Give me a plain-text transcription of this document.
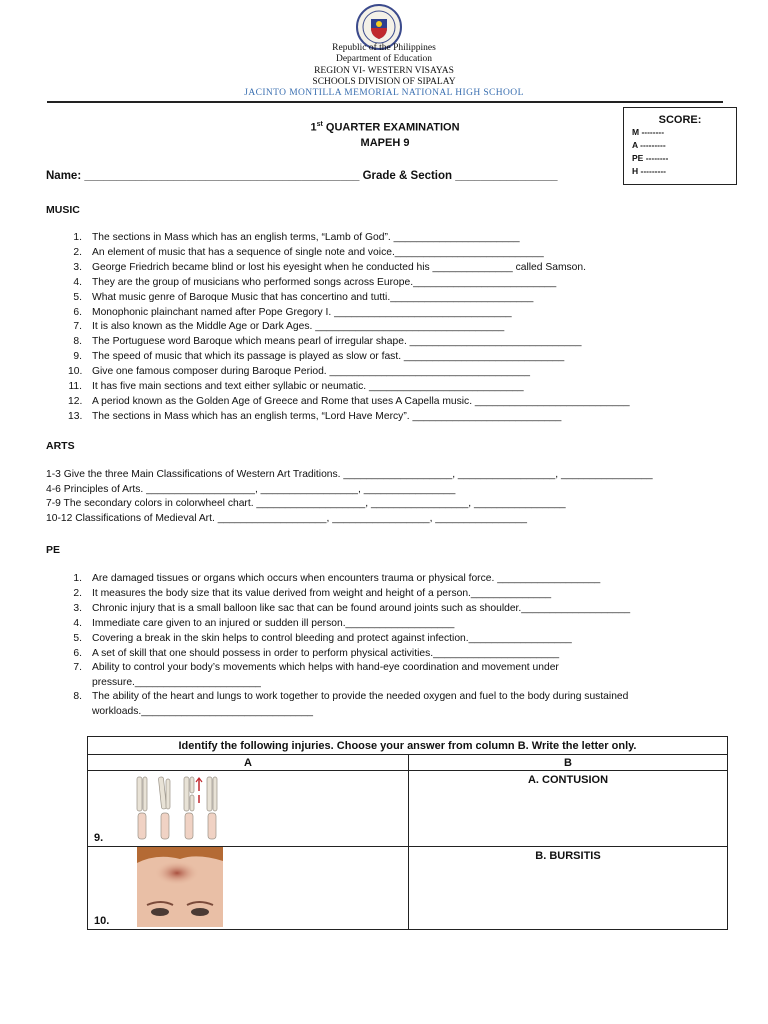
Republic of the Philippines
Department of Education
REGION VI- WESTERN VISAYAS
SCHOOLS DIVISION OF SIPALAY
JACINTO MONTILLA MEMORIAL NATIONAL HIGH SCHOOL
1st QUARTER EXAMINATION
MAPEH 9
SCORE:
M --------
A ---------
PE --------
H ---------
Name: ___________________________________________ Grade & Section ________________
MUSIC
1. The sections in Mass which has an english terms, “Lamb of God”. ______________________
2. An element of music that has a sequence of single note and voice.__________________________
3. George Friedrich became blind or lost his eyesight when he conducted his ______________ called Samson.
4. They are the group of musicians who performed songs across Europe._________________________
5. What music genre of Baroque Music that has concertino and tutti._________________________
6. Monophonic plainchant named after Pope Gregory I. _______________________________
7. It is also known as the Middle Age or Dark Ages. _________________________________
8. The Portuguese word Baroque which means pearl of irregular shape. ______________________________
9. The speed of music that which its passage is played as slow or fast. ____________________________
10. Give one famous composer during Baroque Period. ___________________________________
11. It has five main sections and text either syllabic or neumatic. ___________________________
12. A period known as the Golden Age of Greece and Rome that uses A Capella music. ___________________________
13. The sections in Mass which has an english terms, “Lord Have Mercy”. __________________________
ARTS
1-3 Give the three Main Classifications of Western Art Traditions. ___________________, _________________, ________________
4-6 Principles of Arts. ___________________, _________________, ________________
7-9 The secondary colors in colorwheel chart. ___________________, _________________, ________________
10-12 Classifications of Medieval Art. ___________________, _________________, ________________
PE
1. Are damaged tissues or organs which occurs when encounters trauma or physical force. __________________
2. It measures the body size that its value derived from weight and height of a person.______________
3. Chronic injury that is a small balloon like sac that can be found around joints such as shoulder.___________________
4. Immediate care given to an injured or sudden ill person.___________________
5. Covering a break in the skin helps to control bleeding and protect against infection.__________________
6. A set of skill that one should possess in order to perform physical activities.______________________
7. Ability to control your body’s movements which helps with hand-eye coordination and movement under pressure.______________________
8. The ability of the heart and lungs to work together to provide the needed oxygen and fuel to the body during sustained workloads.______________________________
Identify the following injuries. Choose your answer from column B. Write the letter only.	
A	B

9.	A. CONTUSION

10.	B. BURSITIS
